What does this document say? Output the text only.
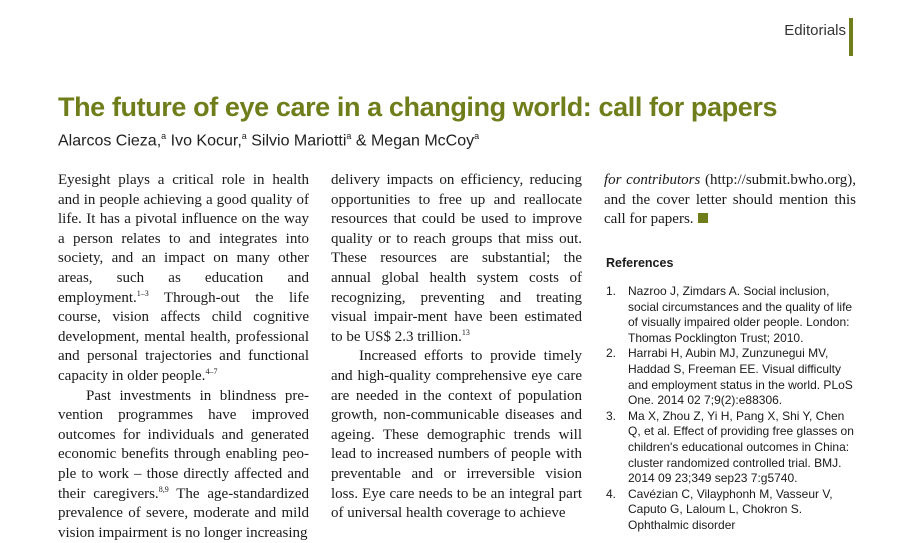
Editorials
The future of eye care in a changing world: call for papers
Alarcos Cieza,$^a$ Ivo Kocur,$^a$ Silvio Mariotti$^a$ & Megan McCoy$^a$

Eyesight plays a critical role in health and in people achieving a good quality of life. It has a pivotal influence on the way a person relates to and integrates into society, and an impact on many other areas, such as education and employment.$^{1-3}$ Through-out the life course, vision affects child cognitive development, mental health, professional and personal trajectories and functional capacity in older people.$^{4-7}$

Past investments in blindness pre-vention programmes have improved outcomes for individuals and generated economic benefits through enabling peo-ple to work – those directly affected and their caregivers.$^{8,9}$ The age-standardized prevalence of severe, moderate and mild vision impairment is no longer increasing

delivery impacts on efficiency, reducing opportunities to free up and reallocate resources that could be used to improve quality or to reach groups that miss out. These resources are substantial; the annual global health system costs of recognizing, preventing and treating visual impair-ment have been estimated to be US$ 2.3 trillion.$^{13}$

Increased efforts to provide timely and high-quality comprehensive eye care are needed in the context of population growth, non-communicable diseases and ageing. These demographic trends will lead to increased numbers of people with preventable and or irreversible vision loss. Eye care needs to be an integral part of universal health coverage to achieve

for contributors (http://submit.bwho.org), and the cover letter should mention this call for papers.

References
1. Nazroo J, Zimdars A. Social inclusion, social circumstances and the quality of life of visually impaired older people. London: Thomas Pocklington Trust; 2010.
2. Harrabi H, Aubin MJ, Zunzunegui MV, Haddad S, Freeman EE. Visual difficulty and employment status in the world. PLoS One. 2014 02 7;9(2):e88306.
3. Ma X, Zhou Z, Yi H, Pang X, Shi Y, Chen Q, et al. Effect of providing free glasses on children's educational outcomes in China: cluster randomized controlled trial. BMJ. 2014 09 23;349 sep23 7:g5740.
4. Cavézian C, Vilayphonh M, Vasseur V, Caputo G, Laloum L, Chokron S. Ophthalmic disorder
